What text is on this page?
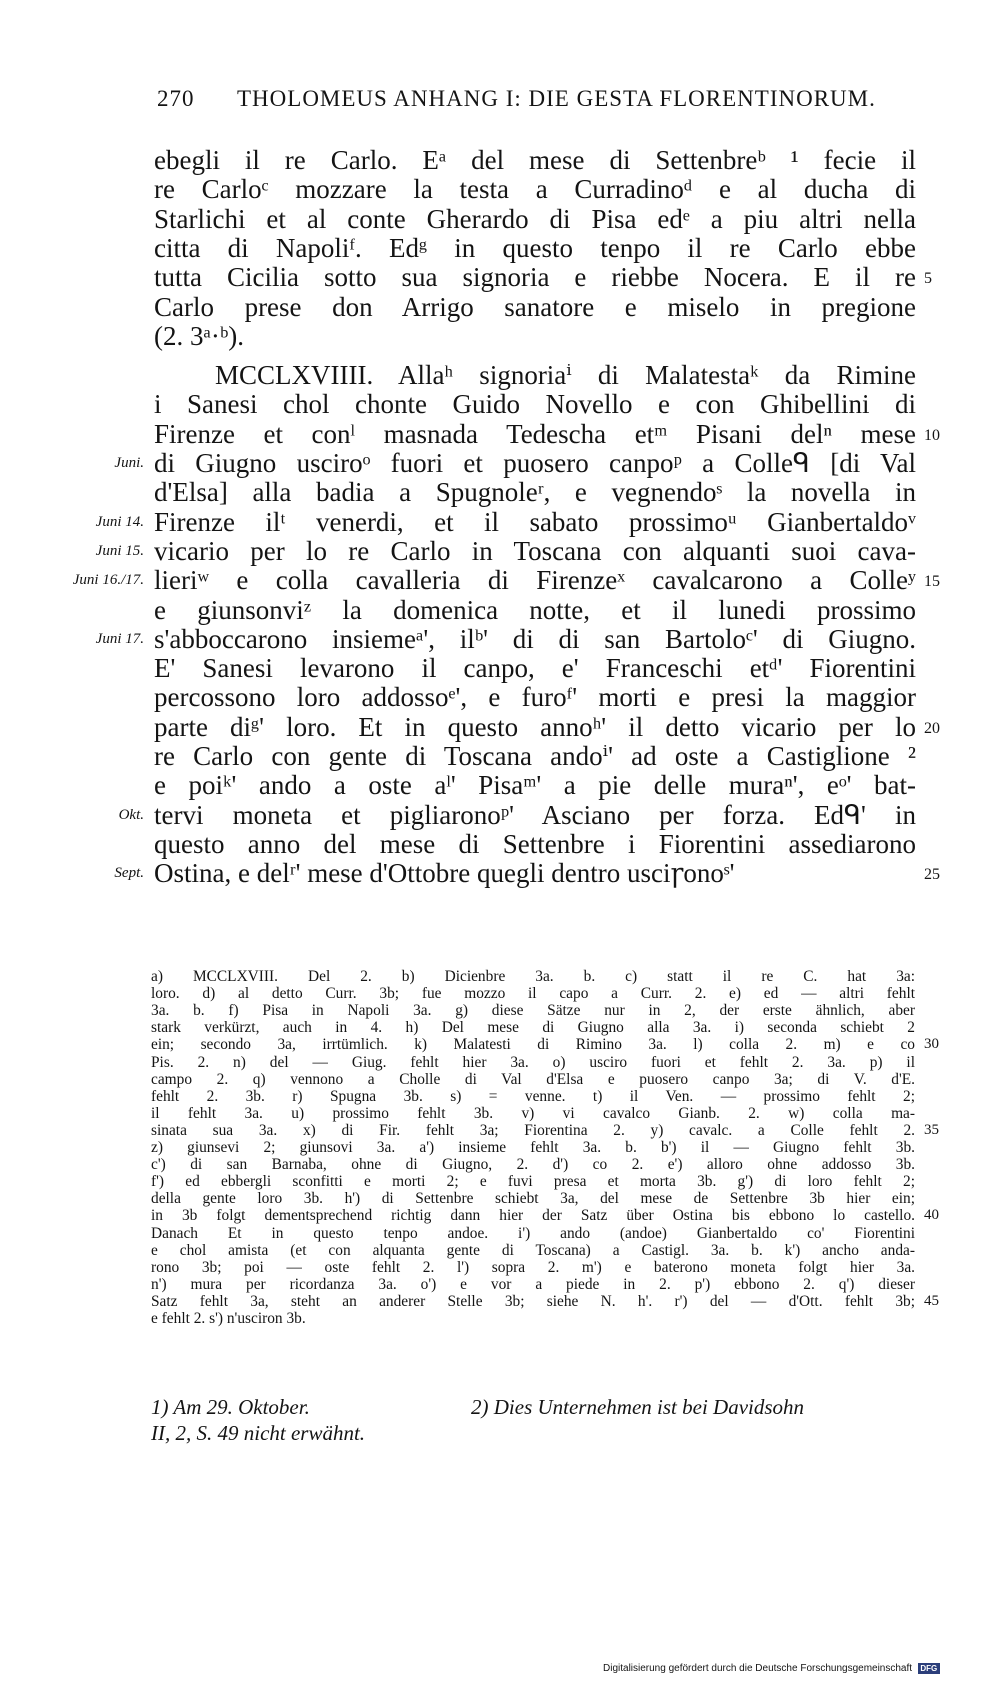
270 THOLOMEUS ANHANG I: DIE GESTA FLORENTINORUM.
ebegli il re Carlo. Eᵃ del mese di Settenbreᵇ ¹ fecie il
re Carloᶜ mozzare la testa a Curradinoᵈ e al ducha di
Starlichi et al conte Gherardo di Pisa edᵉ a piu altri nella
citta di Napoliᶠ. Edᵍ in questo tenpo il re Carlo ebbe
tutta Cicilia sotto sua signoria e riebbe Nocera. E il re 5
Carlo prese don Arrigo sanatore e miselo in pregione
(2. 3ᵃ·ᵇ).
MCCLXVIIII. Allaʰ signoriaⁱ di Malatestaᵏ da Rimine
i Sanesi chol chonte Guido Novello e con Ghibellini di
Firenze et conˡ masnada Tedescha etᵐ Pisani delⁿ mese 10
di Giugno usciroᵒ fuori et puosero canpoᵖ a Colleᑫ [di Val
Juni.
d'Elsa] alla badia a Spugnoleʳ, e vegnendoˢ la novella in
Firenze ilᵗ venerdi, et il sabato prossimoᵘ Gianbertaldoᵛ
Juni 14.
vicario per lo re Carlo in Toscana con alquanti suoi cava-
Juni 15.
lieriʷ e colla cavalleria di Firenzeˣ cavalcarono a Colleʸ
Juni 16./17.	15
e giunsonviᶻ la domenica notte, et il lunedi prossimo
s'abboccarono insiemeᵃ', ilᵇ' di di san Bartoloᶜ' di Giugno.
Juni 17.
E' Sanesi levarono il canpo, e' Franceschi etᵈ' Fiorentini
percossono loro addossoᵉ', e furoᶠ' morti e presi la maggior
parte diᵍ' loro. Et in questo annoʰ' il detto vicario per lo 20
re Carlo con gente di Toscana andoⁱ' ad oste a Castiglione ²
e poiᵏ' ando a oste aˡ' Pisaᵐ' a pie delle muraⁿ', eᵒ' bat-
tervi moneta et pigliaronoᵖ' Asciano per forza. Edᑫ' in
Okt.
questo anno del mese di Settenbre i Fiorentini assediarono
Ostina, e delʳ' mese d'Ottobre quegli dentro usciꞅonoˢ'
Sept.	25
a) MCCLXVIII. Del 2. b) Dicienbre 3a. b. c) statt il re C. hat 3a:
loro. d) al detto Curr. 3b; fue mozzo il capo a Curr. 2. e) ed — altri fehlt
3a. b. f) Pisa in Napoli 3a. g) diese Sätze nur in 2, der erste ähnlich, aber
stark verkürzt, auch in 4. h) Del mese di Giugno alla 3a. i) seconda schiebt 2
ein; secondo 3a, irrtümlich. k) Malatesti di Rimino 3a. l) colla 2. m) e co 30
Pis. 2. n) del — Giug. fehlt hier 3a. o) usciro fuori et fehlt 2. 3a. p) il
campo 2. q) vennono a Cholle di Val d'Elsa e puosero canpo 3a; di V. d'E.
fehlt 2. 3b. r) Spugna 3b. s) = venne. t) il Ven. — prossimo fehlt 2;
il fehlt 3a. u) prossimo fehlt 3b. v) vi cavalco Gianb. 2. w) colla ma-
sinata sua 3a. x) di Fir. fehlt 3a; Fiorentina 2. y) cavalc. a Colle fehlt 2. 35
z) giunsevi 2; giunsovi 3a. a') insieme fehlt 3a. b. b') il — Giugno fehlt 3b.
c') di san Barnaba, ohne di Giugno, 2. d') co 2. e') alloro ohne addosso 3b.
f') ed ebbergli sconfitti e morti 2; e fuvi presa et morta 3b. g') di loro fehlt 2;
della gente loro 3b. h') di Settenbre schiebt 3a, del mese de Settenbre 3b hier ein;
in 3b folgt dementsprechend richtig dann hier der Satz über Ostina bis ebbono lo castello. 40
Danach Et in questo tenpo andoe. i') ando (andoe) Gianbertaldo co' Fiorentini
e chol amista (et con alquanta gente di Toscana) a Castigl. 3a. b. k') ancho anda-
rono 3b; poi — oste fehlt 2. l') sopra 2. m') e baterono moneta folgt hier 3a.
n') mura per ricordanza 3a. o') e vor a piede in 2. p') ebbono 2. q') dieser
Satz fehlt 3a, steht an anderer Stelle 3b; siehe N. h'. r') del — d'Ott. fehlt 3b; 45
e fehlt 2. s') n'usciron 3b.
1) Am 29. Oktober.	2) Dies Unternehmen ist bei Davidsohn
II, 2, S. 49 nicht erwähnt.
Digitalisierung gefördert durch die Deutsche Forschungsgemeinschaft DFG
